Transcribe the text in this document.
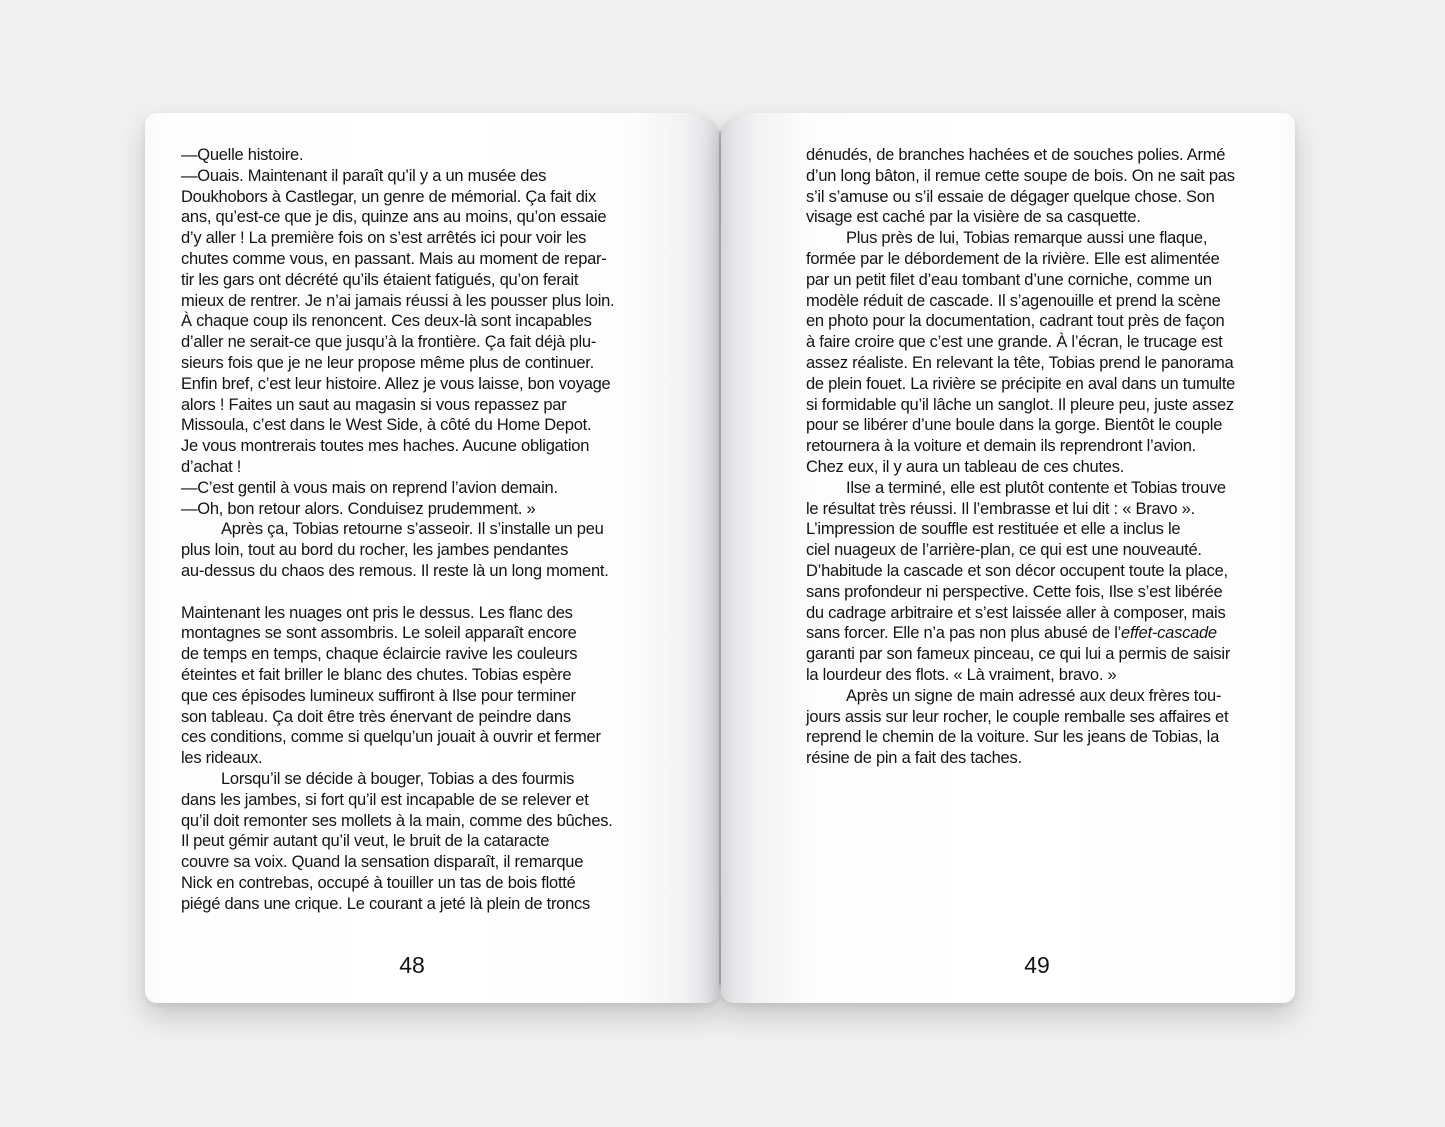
—Quelle histoire.
—Ouais. Maintenant il paraît qu’il y a un musée des
Doukhobors à Castlegar, un genre de mémorial. Ça fait dix
ans, qu’est-ce que je dis, quinze ans au moins, qu’on essaie
d’y aller ! La première fois on s’est arrêtés ici pour voir les
chutes comme vous, en passant. Mais au moment de repar-
tir les gars ont décrété qu’ils étaient fatigués, qu’on ferait
mieux de rentrer. Je n’ai jamais réussi à les pousser plus loin.
À chaque coup ils renoncent. Ces deux-là sont incapables
d’aller ne serait-ce que jusqu’à la frontière. Ça fait déjà plu-
sieurs fois que je ne leur propose même plus de continuer.
Enfin bref, c’est leur histoire. Allez je vous laisse, bon voyage
alors ! Faites un saut au magasin si vous repassez par
Missoula, c’est dans le West Side, à côté du Home Depot.
Je vous montrerais toutes mes haches. Aucune obligation
d’achat !
—C’est gentil à vous mais on reprend l’avion demain.
—Oh, bon retour alors. Conduisez prudemment. »
Après ça, Tobias retourne s’asseoir. Il s’installe un peu
plus loin, tout au bord du rocher, les jambes pendantes
au-dessus du chaos des remous. Il reste là un long moment.

Maintenant les nuages ont pris le dessus. Les flanc des
montagnes se sont assombris. Le soleil apparaît encore
de temps en temps, chaque éclaircie ravive les couleurs
éteintes et fait briller le blanc des chutes. Tobias espère
que ces épisodes lumineux suffiront à Ilse pour terminer
son tableau. Ça doit être très énervant de peindre dans
ces conditions, comme si quelqu’un jouait à ouvrir et fermer
les rideaux.
Lorsqu’il se décide à bouger, Tobias a des fourmis
dans les jambes, si fort qu’il est incapable de se relever et
qu’il doit remonter ses mollets à la main, comme des bûches.
Il peut gémir autant qu’il veut, le bruit de la cataracte
couvre sa voix. Quand la sensation disparaît, il remarque
Nick en contrebas, occupé à touiller un tas de bois flotté
piégé dans une crique. Le courant a jeté là plein de troncs
48
dénudés, de branches hachées et de souches polies. Armé
d’un long bâton, il remue cette soupe de bois. On ne sait pas
s’il s’amuse ou s’il essaie de dégager quelque chose. Son
visage est caché par la visière de sa casquette.
Plus près de lui, Tobias remarque aussi une flaque,
formée par le débordement de la rivière. Elle est alimentée
par un petit filet d’eau tombant d’une corniche, comme un
modèle réduit de cascade. Il s’agenouille et prend la scène
en photo pour la documentation, cadrant tout près de façon
à faire croire que c’est une grande. À l’écran, le trucage est
assez réaliste. En relevant la tête, Tobias prend le panorama
de plein fouet. La rivière se précipite en aval dans un tumulte
si formidable qu’il lâche un sanglot. Il pleure peu, juste assez
pour se libérer d’une boule dans la gorge. Bientôt le couple
retournera à la voiture et demain ils reprendront l’avion.
Chez eux, il y aura un tableau de ces chutes.
Ilse a terminé, elle est plutôt contente et Tobias trouve
le résultat très réussi. Il l’embrasse et lui dit : « Bravo ».
L’impression de souffle est restituée et elle a inclus le
ciel nuageux de l’arrière-plan, ce qui est une nouveauté.
D’habitude la cascade et son décor occupent toute la place,
sans profondeur ni perspective. Cette fois, Ilse s’est libérée
du cadrage arbitraire et s’est laissée aller à composer, mais
sans forcer. Elle n’a pas non plus abusé de l’effet-cascade
garanti par son fameux pinceau, ce qui lui a permis de saisir
la lourdeur des flots. « Là vraiment, bravo. »
Après un signe de main adressé aux deux frères tou-
jours assis sur leur rocher, le couple remballe ses affaires et
reprend le chemin de la voiture. Sur les jeans de Tobias, la
résine de pin a fait des taches.
49
